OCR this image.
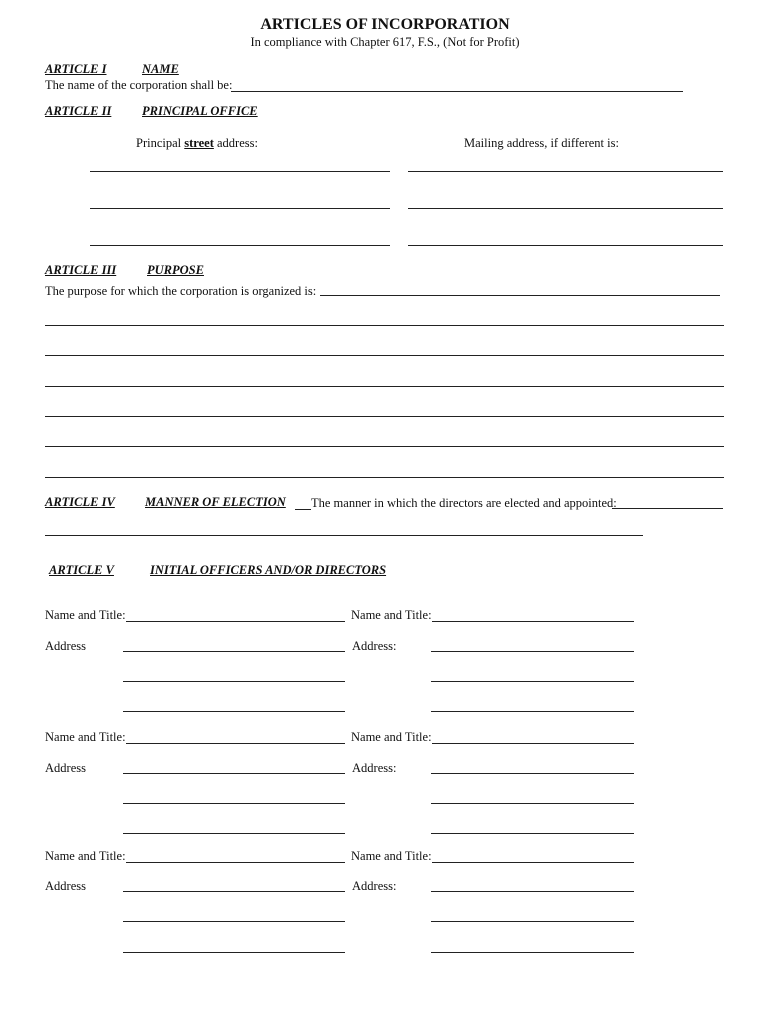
ARTICLES OF INCORPORATION
In compliance with Chapter 617, F.S., (Not for Profit)
ARTICLE I	NAME
The name of the corporation shall be:
ARTICLE II PRINCIPAL OFFICE
Principal street address:	Mailing address, if different is:
ARTICLE III PURPOSE
The purpose for which the corporation is organized is:
ARTICLE IV MANNER OF ELECTION The manner in which the directors are elected and appointed:
ARTICLE V	INITIAL OFFICERS AND/OR DIRECTORS
Name and Title:	Name and Title:
Address	Address:
Name and Title:	Name and Title:
Address	Address:
Name and Title:	Name and Title:
Address	Address:
